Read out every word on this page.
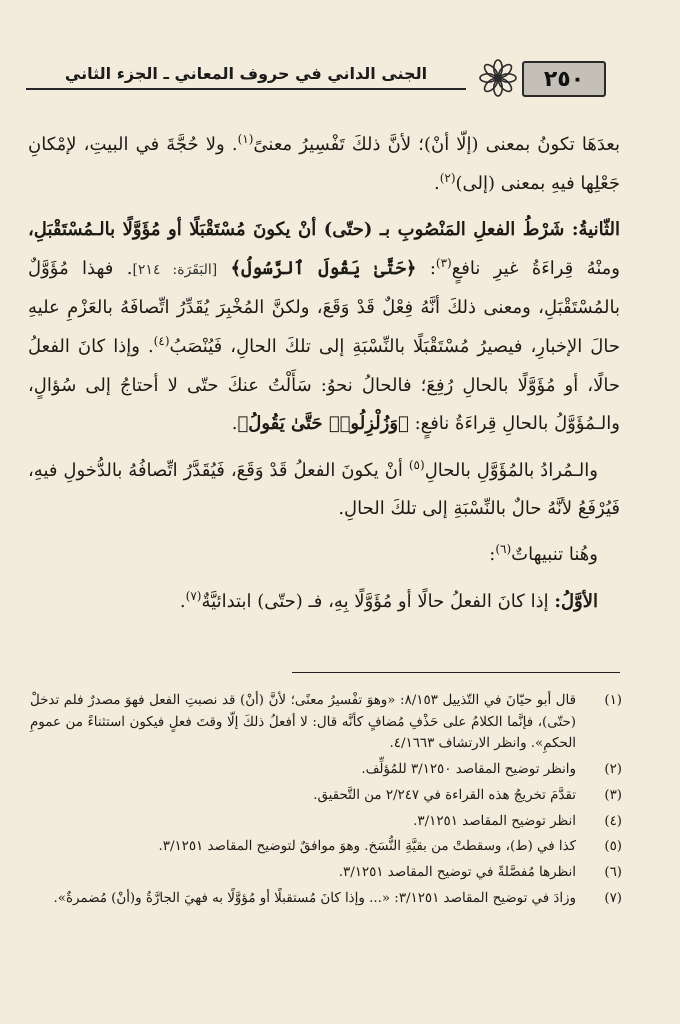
الجنى الداني في حروف المعاني ـ الجزء الثاني	٢٥٠

بعدَهَا تكونُ بمعنى (إلّا أنْ)؛ لأنَّ ذلكَ تَفْسِيرُ معنىً$^{(١)}$. ولا حُجَّةَ في البيتِ، لإمْكانِ جَعْلِها فيهِ بمعنى (إلى)$^{(٢)}$.

الثّانيةُ: شَرْطُ الفعلِ المَنْصُوبِ بـ (حتّى) أنْ يكونَ مُسْتَقْبَلًا أو مُؤَوَّلًا بالـمُسْتَقْبَلِ، ومنْهُ قِراءَةُ غيرِ نافعٍ$^{(٣)}$: ﴿حَتَّىٰ يَقُولَ ٱلرَّسُولُ﴾ [البَقَرَة: ٢١٤]. فهذا مُؤَوَّلٌ بالمُسْتَقْبَلِ، ومعنى ذلكَ أنَّهُ فِعْلٌ قَدْ وَقَعَ، ولكنَّ المُخْبِرَ يُقَدِّرُ اتِّصافَهُ بالعَزْمِ عليهِ حالَ الإخبارِ، فيصيرُ مُسْتَقْبَلًا بالنِّسْبَةِ إلى تلكَ الحالِ، فَيُنْصَبُ$^{(٤)}$. وإذا كانَ الفعلُ حالًا، أو مُؤَوَّلًا بالحالِ رُفِعَ؛ فالحالُ نحوُ: سَأَلْتُ عنكَ حتّى لا أحتاجُ إلى سُؤالٍ، والـمُؤَوَّلُ بالحالِ قِراءَةُ نافعٍ: ﴿وَزُلْزِلُوا۟ حَتَّىٰ يَقُولُ﴾.

والـمُرادُ بالمُؤَوَّلِ بالحالِ$^{(٥)}$ أنْ يكونَ الفعلُ قَدْ وَقَعَ، فَيُقَدَّرُ اتِّصافُهُ بالدُّخولِ فيهِ، فَيُرْفَعُ لأنَّهُ حالٌ بالنِّسْبَةِ إلى تلكَ الحالِ.

وهُنا تنبيهاتٌ$^{(٦)}$:

الأوَّلُ: إذا كانَ الفعلُ حالًا أو مُؤَوَّلًا بِهِ، فـ (حتّى) ابتدائيَّةٌ$^{(٧)}$.

(١)
قال أبو حيّانَ في التّذييل ٨/١٥٣: «وهوَ تفْسيرُ معنًى؛ لأنَّ (أنْ) قد نصبتِ الفعل فهوَ مصدرٌ فلم تدخلْ (حتّى)، فإنَّما الكلامُ على حَذْفِ مُضافٍ كأنَّه قال: لا أفعلُ ذلكَ إلّا وقتَ فعلٍ فيكون استثناءً من عمومِ الحكمِ». وانظر الارتشاف ٤/١٦٦٣.
(٢)
وانظر توضيح المقاصد ٣/١٢٥٠ للمُؤلِّف.
(٣)
تقدَّمَ تخريجُ هذه القراءة في ٢/٢٤٧ من التَّحقيق.
(٤)
انظر توضيح المقاصد ٣/١٢٥١.
(٥)
كذا في (ط)، وسقطتْ من بقيَّةِ النُّسَخ. وهوَ موافقٌ لتوضيح المقاصد ٣/١٢٥١.
(٦)
انظرها مُفصَّلةً في توضيح المقاصد ٣/١٢٥١.
(٧)
وزادَ في توضيح المقاصد ٣/١٢٥١: «... وإذا كانَ مُستقبلًا أو مُؤوَّلًا به فهيَ الجارَّةُ و(أنْ) مُضمرةٌ».
